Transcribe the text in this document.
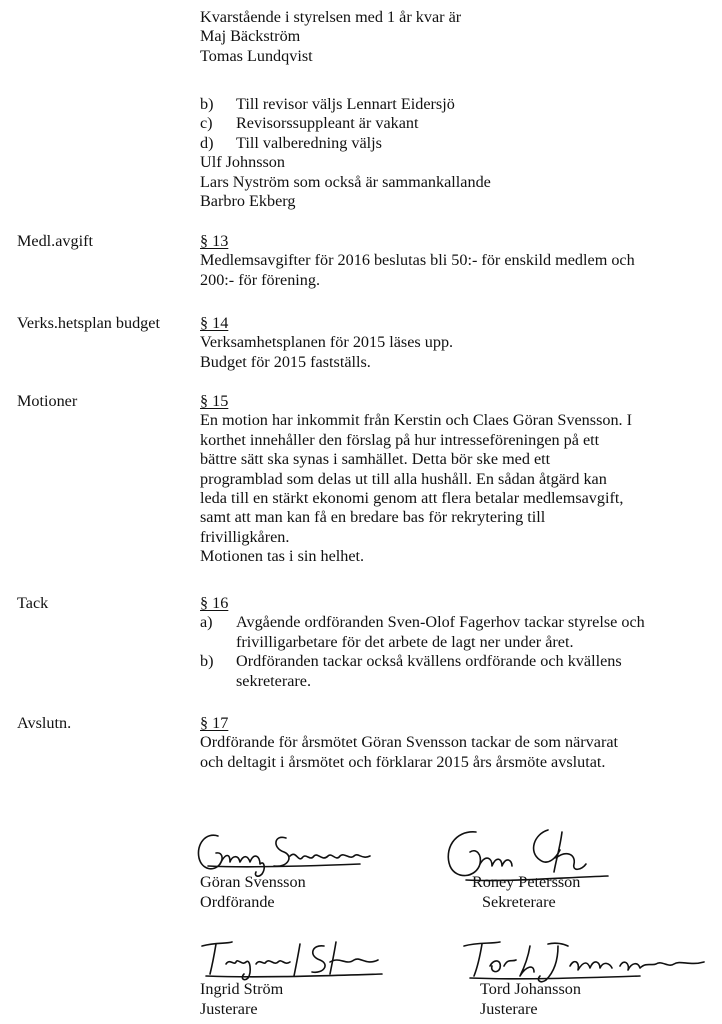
Kvarstående i styrelsen med 1 år kvar är
Maj Bäckström
Tomas Lundqvist
b) Till revisor väljs Lennart Eidersjö
c) Revisorssuppleant är vakant
d) Till valberedning väljs
Ulf Johnsson
Lars Nyström som också är sammankallande
Barbro Ekberg
Medl.avgift	§ 13
Medlemsavgifter för 2016 beslutas bli 50:- för enskild medlem och
200:- för förening.
Verks.hetsplan budget § 14
Verksamhetsplanen för 2015 läses upp.
Budget för 2015 fastställs.
Motioner	§ 15
En motion har inkommit från Kerstin och Claes Göran Svensson. I
korthet innehåller den förslag på hur intresseföreningen på ett
bättre sätt ska synas i samhället. Detta bör ske med ett
programblad som delas ut till alla hushåll. En sådan åtgärd kan
leda till en stärkt ekonomi genom att flera betalar medlemsavgift,
samt att man kan få en bredare bas för rekrytering till
frivilligkåren.
Motionen tas i sin helhet.
Tack	§ 16
a) Avgående ordföranden Sven-Olof Fagerhov tackar styrelse och
frivilligarbetare för det arbete de lagt ner under året.
b) Ordföranden tackar också kvällens ordförande och kvällens
sekreterare.
Avslutn.	§ 17
Ordförande för årsmötet Göran Svensson tackar de som närvarat
och deltagit i årsmötet och förklarar 2015 års årsmöte avslutat.
Göran Svensson
Ordförande
Roney Petersson
Sekreterare
Ingrid Ström
Justerare
Tord Johansson
Justerare
